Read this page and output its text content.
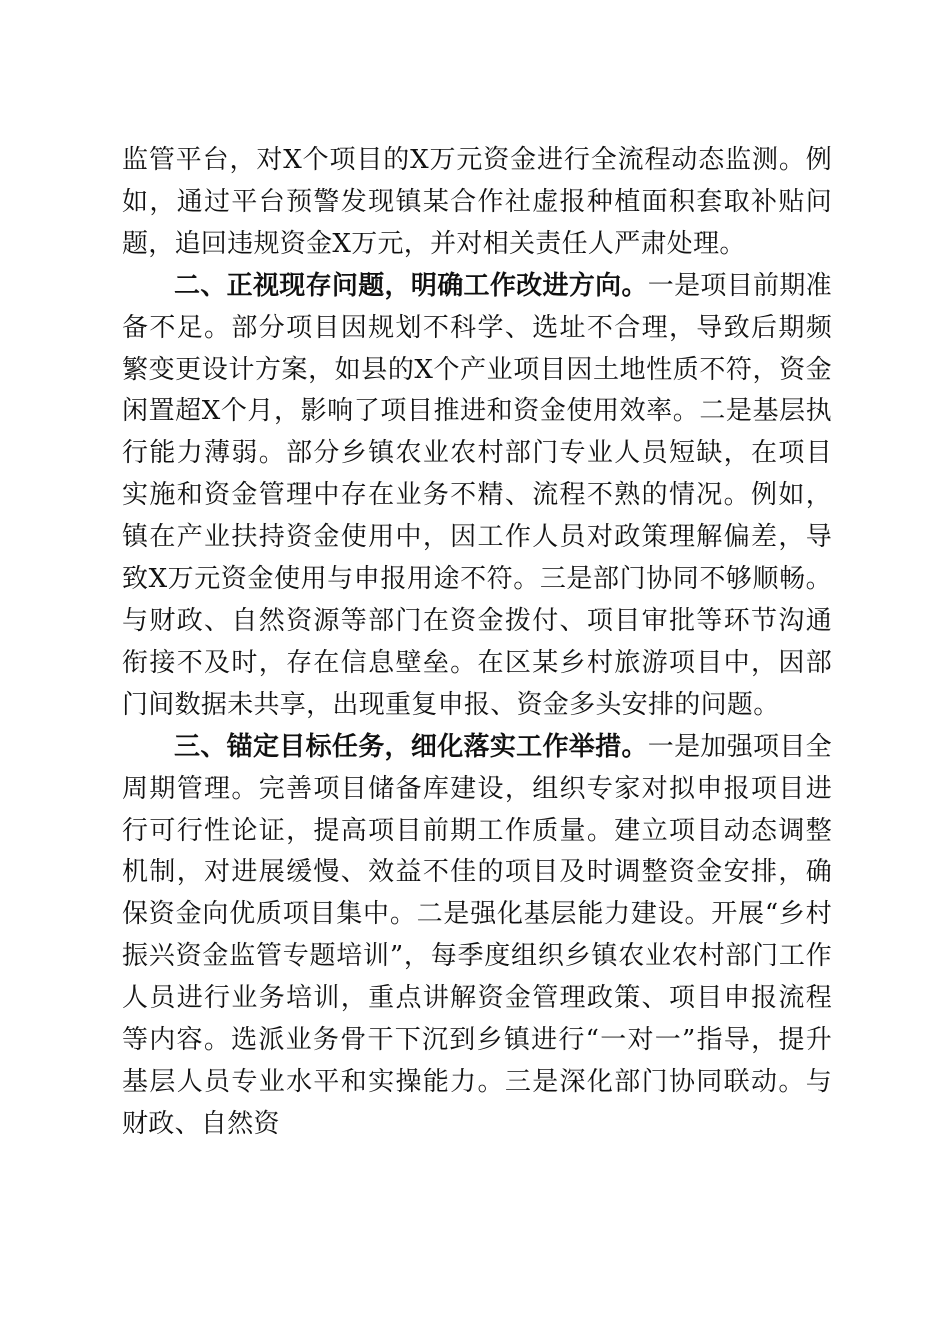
监管平台，对X个项目的X万元资金进行全流程动态监测。例如，通过平台预警发现镇某合作社虚报种植面积套取补贴问题，追回违规资金X万元，并对相关责任人严肃处理。

二、正视现存问题，明确工作改进方向。一是项目前期准备不足。部分项目因规划不科学、选址不合理，导致后期频繁变更设计方案，如县的X个产业项目因土地性质不符，资金闲置超X个月，影响了项目推进和资金使用效率。二是基层执行能力薄弱。部分乡镇农业农村部门专业人员短缺，在项目实施和资金管理中存在业务不精、流程不熟的情况。例如，镇在产业扶持资金使用中，因工作人员对政策理解偏差，导致X万元资金使用与申报用途不符。三是部门协同不够顺畅。与财政、自然资源等部门在资金拨付、项目审批等环节沟通衔接不及时，存在信息壁垒。在区某乡村旅游项目中，因部门间数据未共享，出现重复申报、资金多头安排的问题。

三、锚定目标任务，细化落实工作举措。一是加强项目全周期管理。完善项目储备库建设，组织专家对拟申报项目进行可行性论证，提高项目前期工作质量。建立项目动态调整机制，对进展缓慢、效益不佳的项目及时调整资金安排，确保资金向优质项目集中。二是强化基层能力建设。开展“乡村振兴资金监管专题培训”，每季度组织乡镇农业农村部门工作人员进行业务培训，重点讲解资金管理政策、项目申报流程等内容。选派业务骨干下沉到乡镇进行“一对一”指导，提升基层人员专业水平和实操能力。三是深化部门协同联动。与财政、自然资
